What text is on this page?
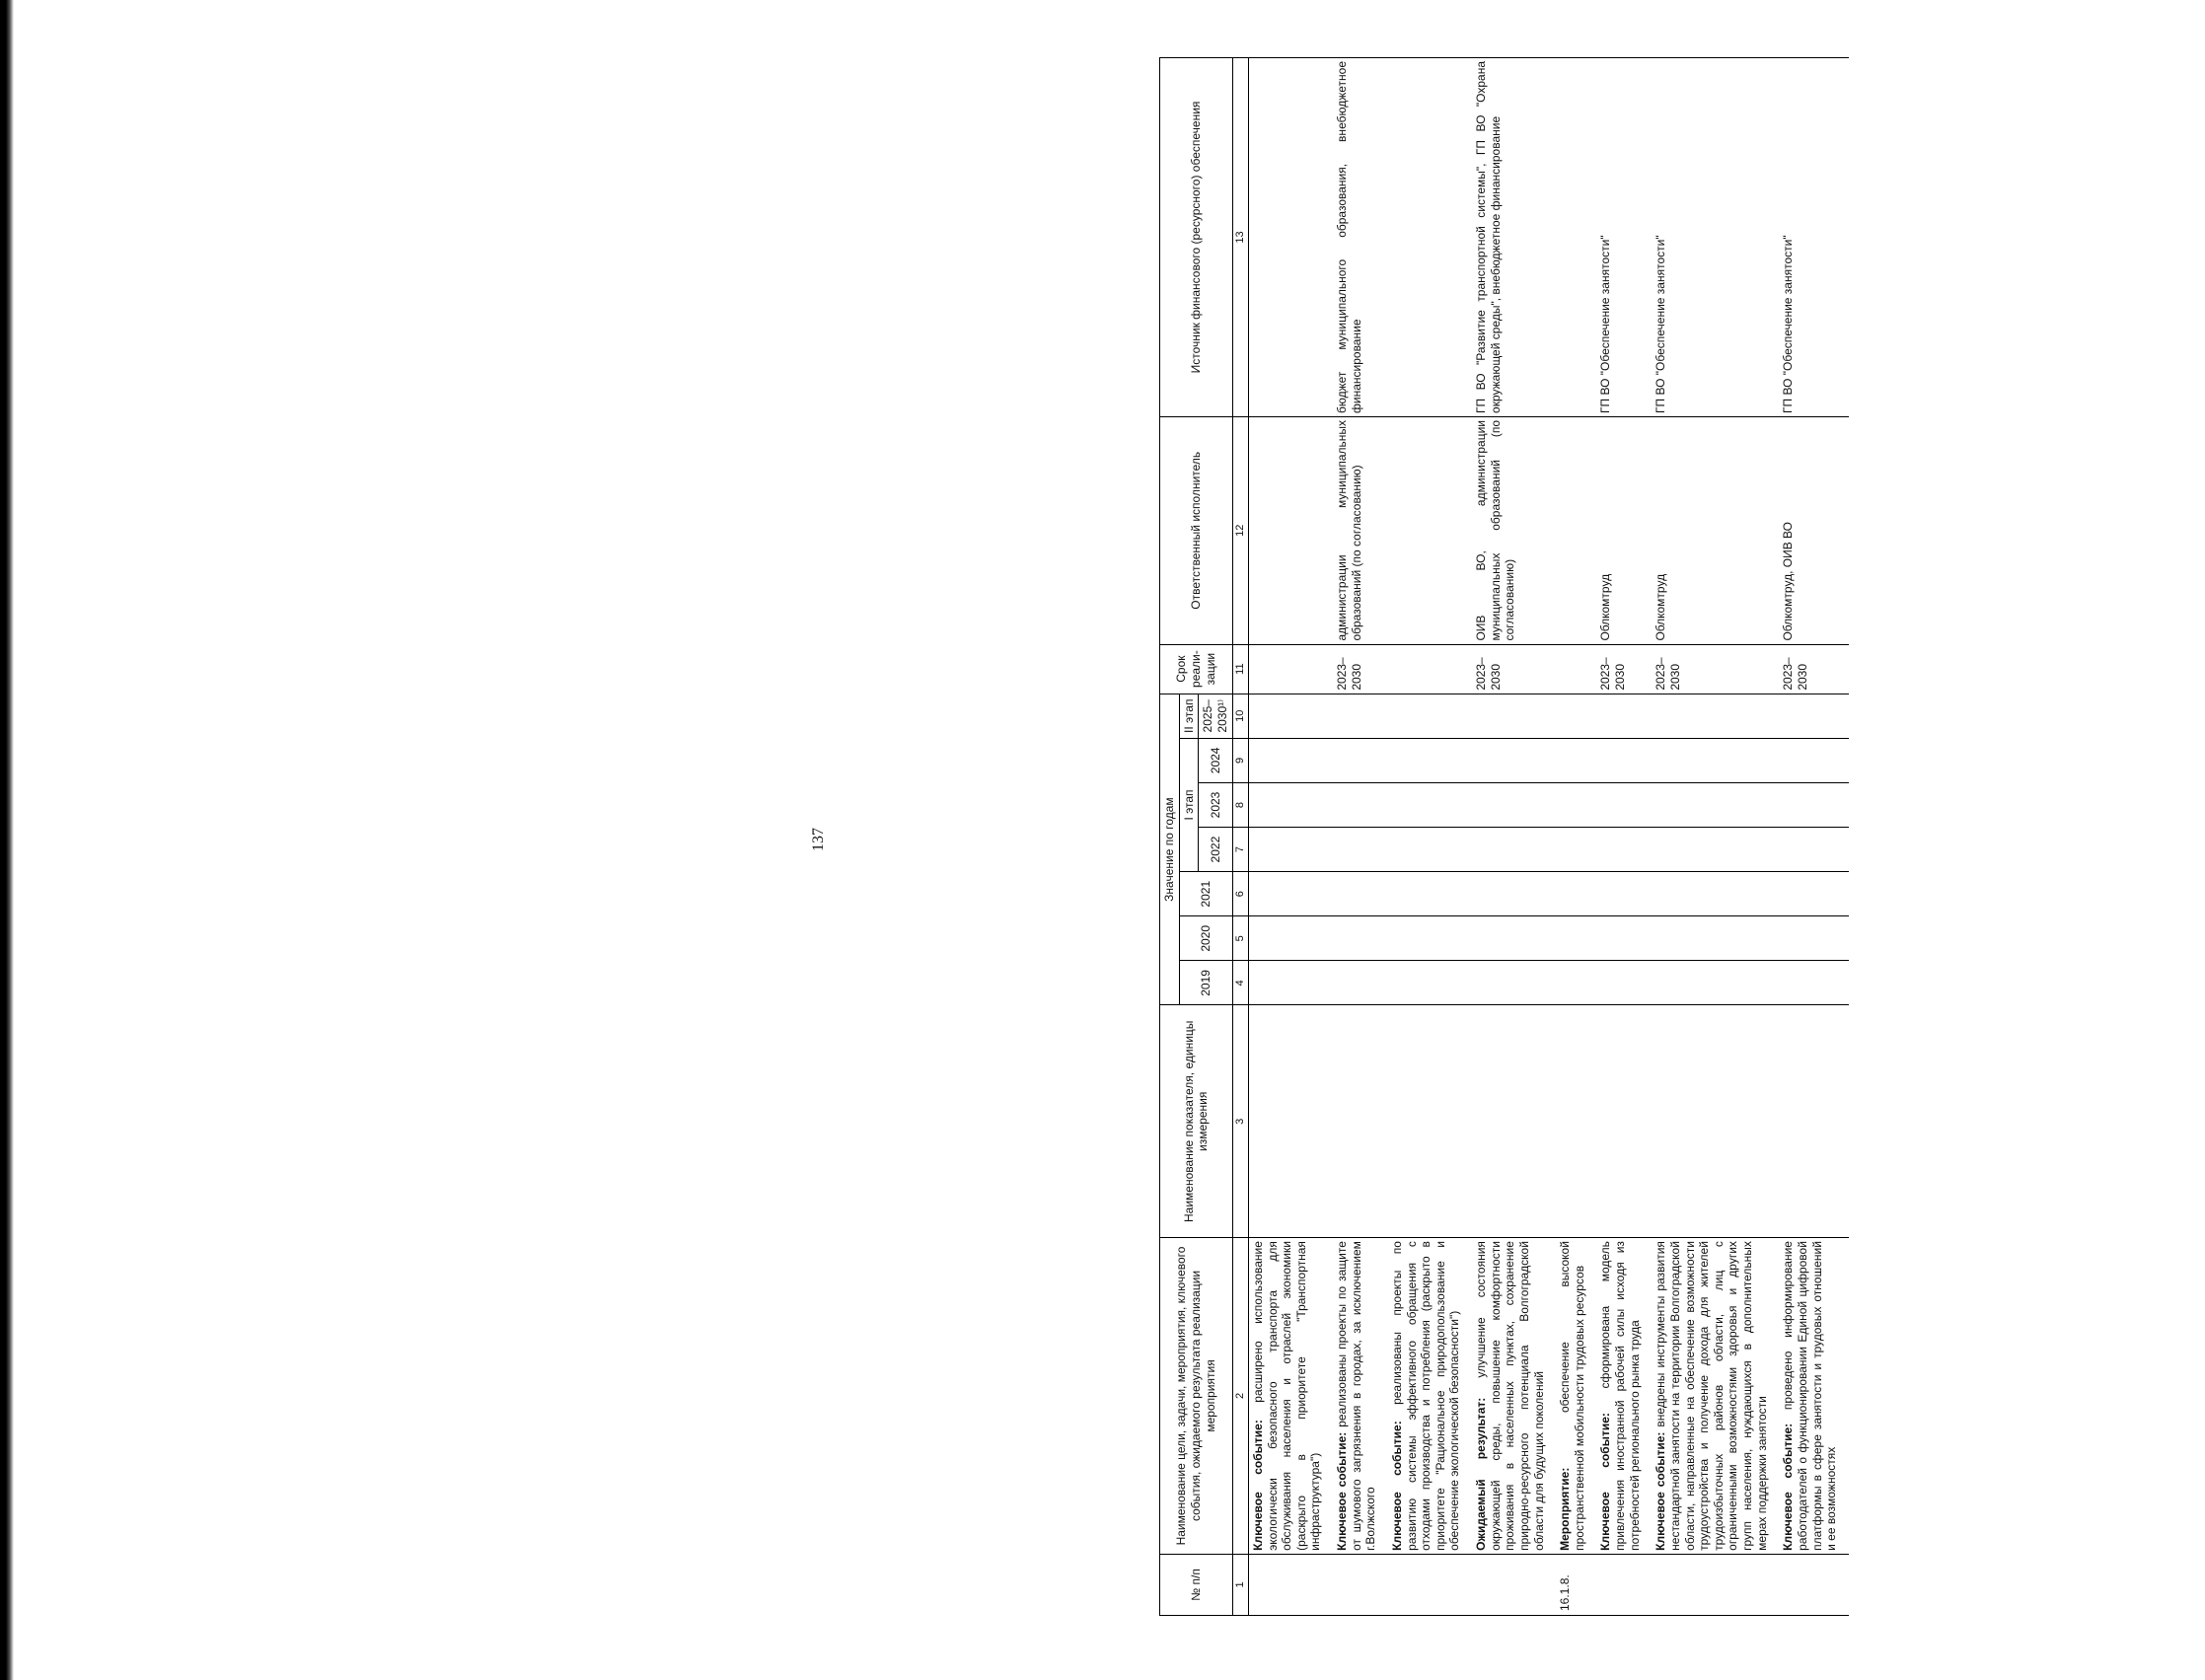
137
№ п/п	Наименование цели, задачи, мероприятия, ключевого события, ожидаемого результата реализации мероприятия	Наименование показателя, единицы измерения	Значение по годам							Срок реали-зации	Ответственный исполнитель	Источник финансового (ресурсного) обеспечения
			2019	2020	2021	I этап			II этап			
						2022	2023	2024	2025–2030¹⁾			
1	2	3	4	5	6	7	8	9	10	11	12	13
	Ключевое событие: расширено использование экологически безопасного транспорта для обслуживания населения и отраслей экономики (раскрыто в приоритете "Транспортная инфраструктура")											
	Ключевое событие: реализованы проекты по защите от шумового загрязнения в городах, за исключением г.Волжского									2023–2030	администрации муниципальных образований (по согласованию)	бюджет муниципального образования, внебюджетное финансирование
	Ключевое событие: реализованы проекты по развитию системы эффективного обращения с отходами производства и потребления (раскрыто в приоритете "Рациональное природопользование и обеспечение экологической безопасности")											
	Ожидаемый результат: улучшение состояния окружающей среды, повышение комфортности проживания в населенных пунктах, сохранение природно-ресурсного потенциала Волгоградской области для будущих поколений									2023–2030	ОИВ ВО, администрации муниципальных образований (по согласованию)	ГП ВО "Развитие транспортной системы", ГП ВО "Охрана окружающей среды", внебюджетное финансирование
16.1.8.	Мероприятие: обеспечение высокой пространственной мобильности трудовых ресурсов											
	Ключевое событие: сформирована модель привлечения иностранной рабочей силы исходя из потребностей регионального рынка труда									2023–2030	Облкомтруд	ГП ВО "Обеспечение занятости"
	Ключевое событие: внедрены инструменты развития нестандартной занятости на территории Волгоградской области, направленные на обеспечение возможности трудоустройства и получение дохода для жителей трудоизбыточных районов области, лиц с ограниченными возможностями здоровья и других групп населения, нуждающихся в дополнительных мерах поддержки занятости									2023–2030	Облкомтруд	ГП ВО "Обеспечение занятости"
	Ключевое событие: проведено информирование работодателей о функционировании Единой цифровой платформы в сфере занятости и трудовых отношений и ее возможностях									2023–2030	Облкомтруд, ОИВ ВО	ГП ВО "Обеспечение занятости"
